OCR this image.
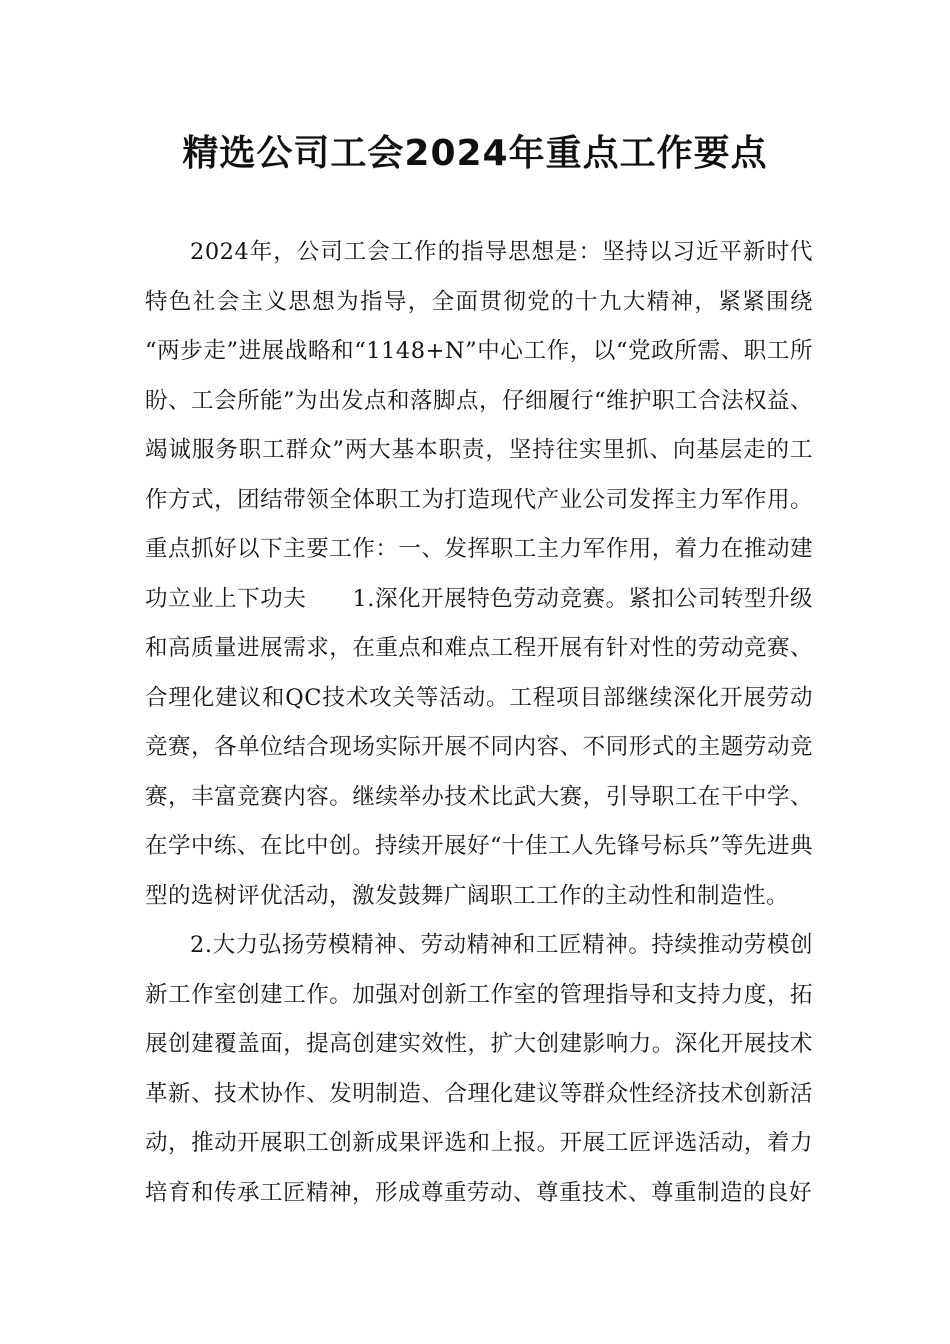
精选公司工会2024年重点工作要点

2024年，公司工会工作的指导思想是：坚持以习近平新时代特色社会主义思想为指导，全面贯彻党的十九大精神，紧紧围绕 “两步走”进展战略和“1148+N”中心工作，以“党政所需、职工所盼、工会所能”为出发点和落脚点，仔细履行“维护职工合法权益、竭诚服务职工群众”两大基本职责，坚持往实里抓、向基层走的工作方式，团结带领全体职工为打造现代产业公司发挥主力军作用。重点抓好以下主要工作：一、发挥职工主力军作用，着力在推动建功立业上下功夫　　1.深化开展特色劳动竞赛。紧扣公司转型升级和高质量进展需求，在重点和难点工程开展有针对性的劳动竞赛、合理化建议和QC技术攻关等活动。工程项目部继续深化开展劳动竞赛，各单位结合现场实际开展不同内容、不同形式的主题劳动竞赛，丰富竞赛内容。继续举办技术比武大赛，引导职工在干中学、在学中练、在比中创。持续开展好“十佳工人先锋号标兵”等先进典型的选树评优活动，激发鼓舞广阔职工工作的主动性和制造性。

2.大力弘扬劳模精神、劳动精神和工匠精神。持续推动劳模创新工作室创建工作。加强对创新工作室的管理指导和支持力度，拓展创建覆盖面，提高创建实效性，扩大创建影响力。深化开展技术革新、技术协作、发明制造、合理化建议等群众性经济技术创新活动，推动开展职工创新成果评选和上报。开展工匠评选活动，着力培育和传承工匠精神，形成尊重劳动、尊重技术、尊重制造的良好
